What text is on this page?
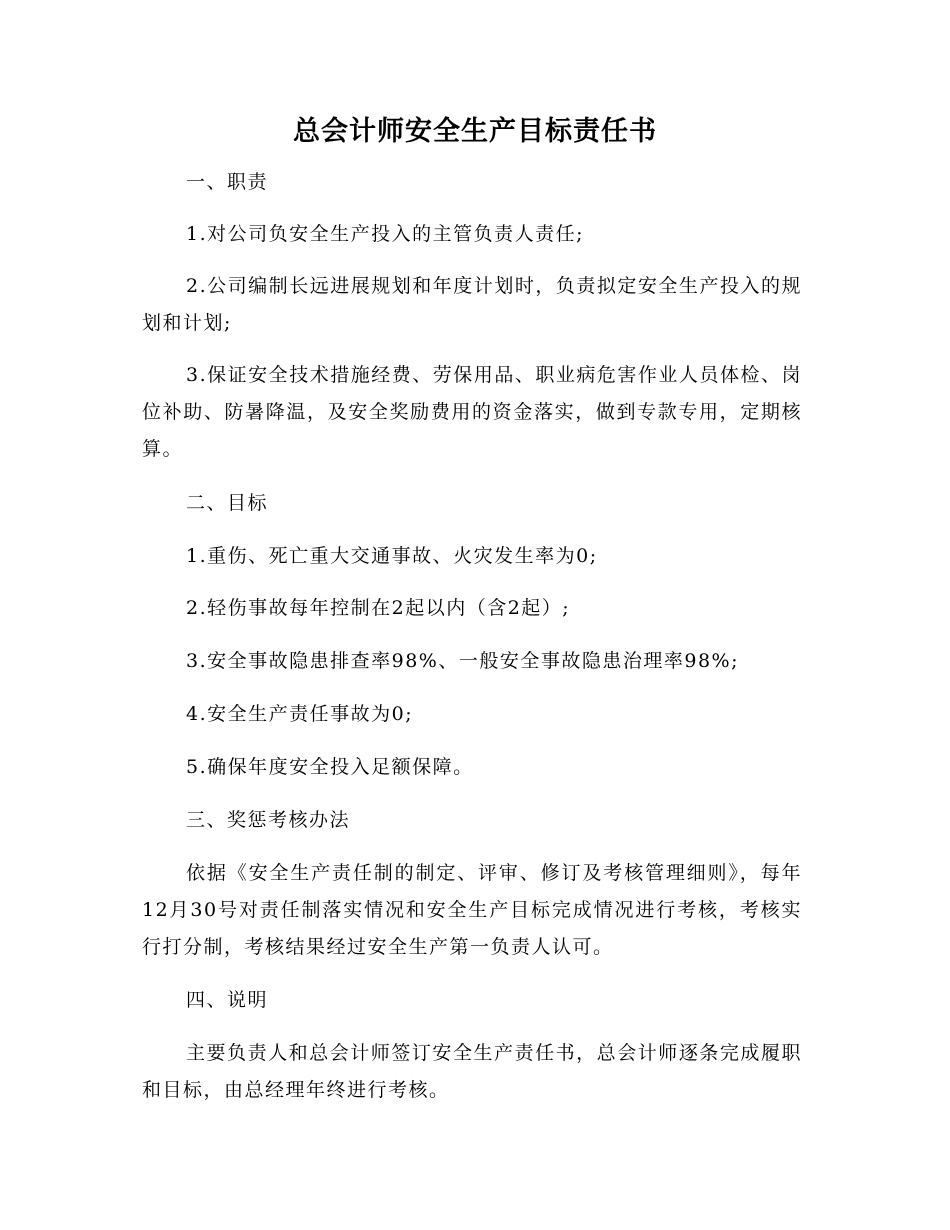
总会计师安全生产目标责任书

一、职责

1.对公司负安全生产投入的主管负责人责任;

2.公司编制长远进展规划和年度计划时，负责拟定安全生产投入的规划和计划;

3.保证安全技术措施经费、劳保用品、职业病危害作业人员体检、岗位补助、防暑降温，及安全奖励费用的资金落实，做到专款专用，定期核算。

二、目标

1.重伤、死亡重大交通事故、火灾发生率为0;

2.轻伤事故每年控制在2起以内（含2起）;

3.安全事故隐患排查率98%、一般安全事故隐患治理率98%;

4.安全生产责任事故为0;

5.确保年度安全投入足额保障。

三、奖惩考核办法

依据《安全生产责任制的制定、评审、修订及考核管理细则》，每年12月30号对责任制落实情况和安全生产目标完成情况进行考核，考核实行打分制，考核结果经过安全生产第一负责人认可。

四、说明

主要负责人和总会计师签订安全生产责任书，总会计师逐条完成履职和目标，由总经理年终进行考核。
